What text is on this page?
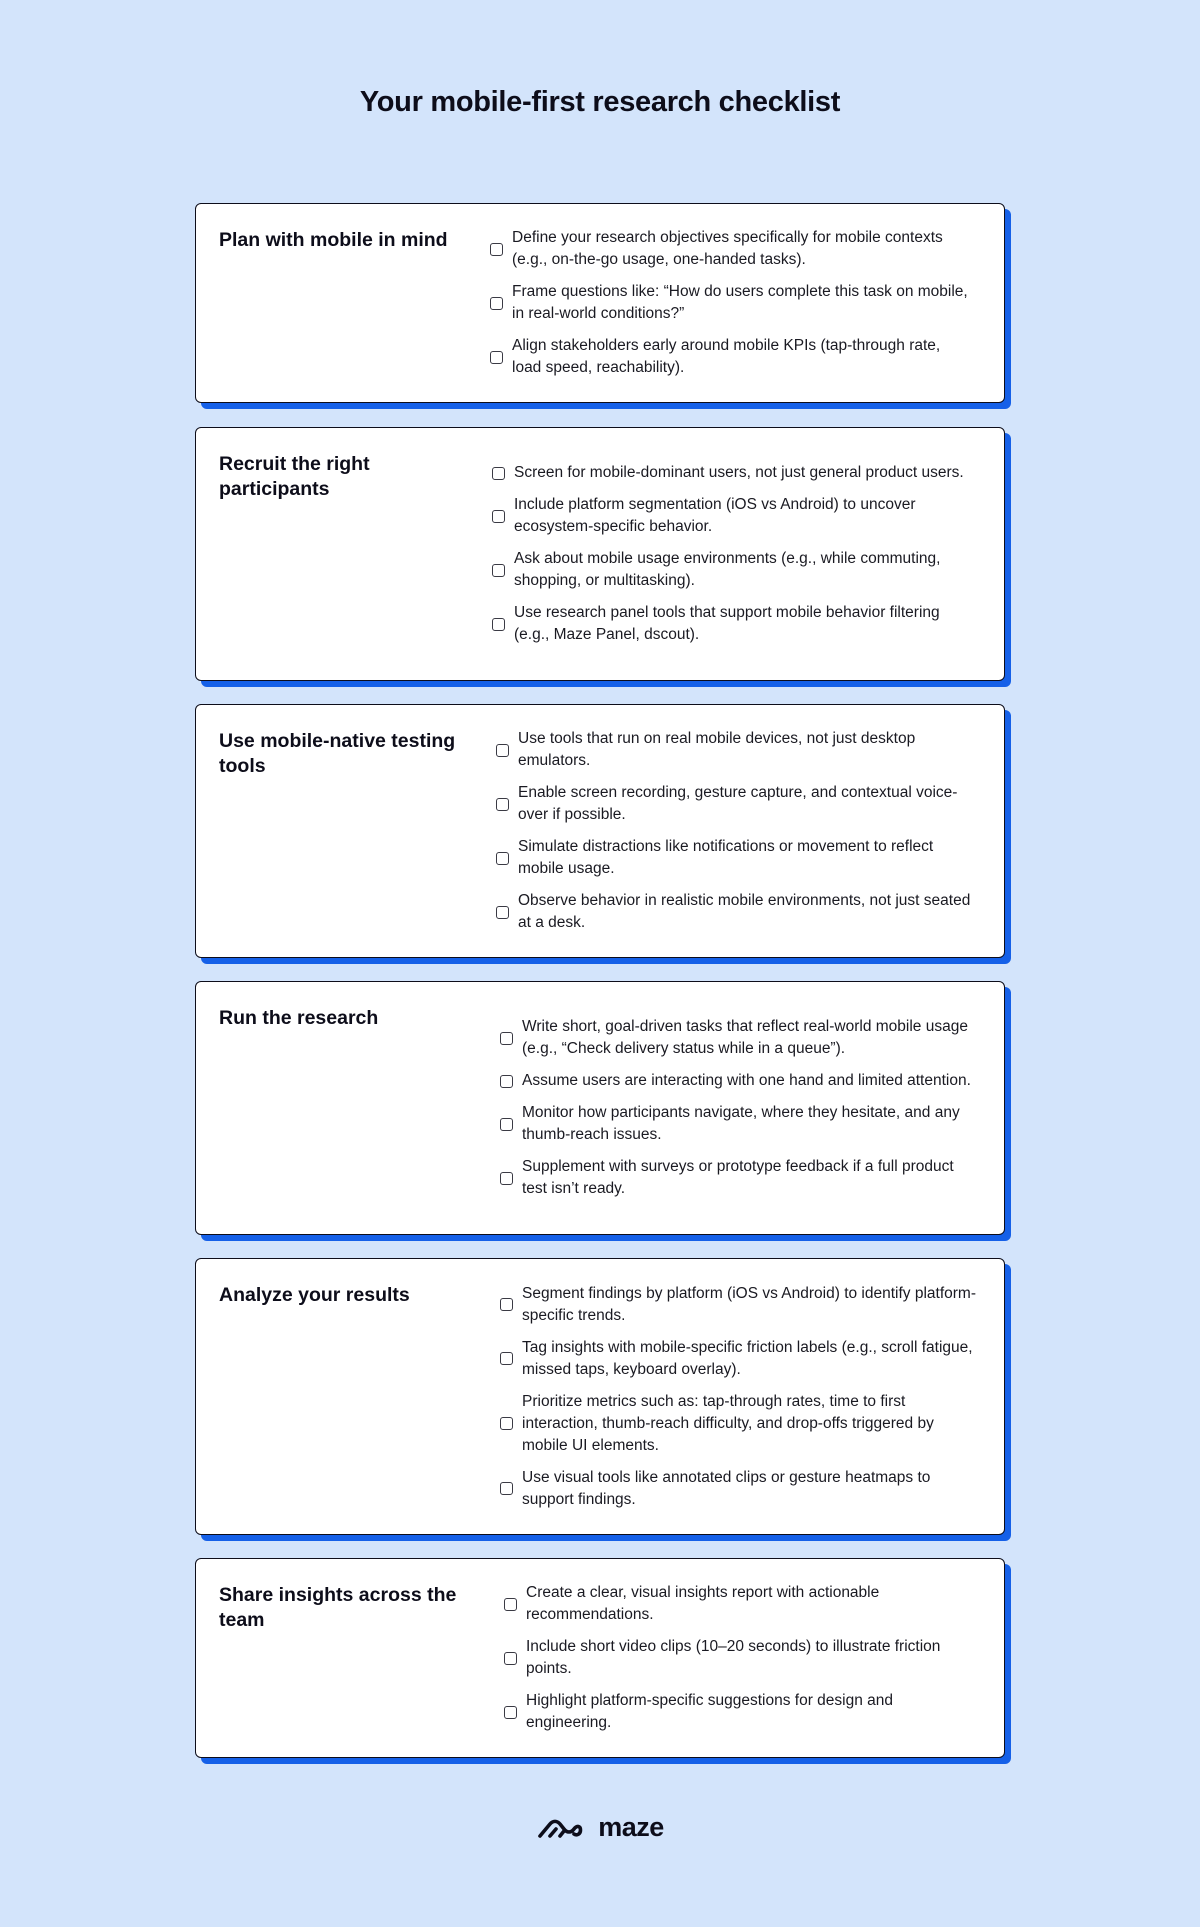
Your mobile-first research checklist
Plan with mobile in mind	Define your research objectives specifically for mobile contexts (e.g., on-the-go usage, one-handed tasks).
Frame questions like: “How do users complete this task on mobile, in real-world conditions?”
Align stakeholders early around mobile KPIs (tap-through rate, load speed, reachability).
Recruit the right participants
Screen for mobile-dominant users, not just general product users.
Include platform segmentation (iOS vs Android) to uncover ecosystem-specific behavior.
Ask about mobile usage environments (e.g., while commuting, shopping, or multitasking).
Use research panel tools that support mobile behavior filtering (e.g., Maze Panel, dscout).
Use mobile-native testing tools
Use tools that run on real mobile devices, not just desktop emulators.
Enable screen recording, gesture capture, and contextual voice-over if possible.
Simulate distractions like notifications or movement to reflect mobile usage.
Observe behavior in realistic mobile environments, not just seated at a desk.
Run the research	Write short, goal-driven tasks that reflect real-world mobile usage (e.g., “Check delivery status while in a queue”).
Assume users are interacting with one hand and limited attention.
Monitor how participants navigate, where they hesitate, and any thumb-reach issues.
Supplement with surveys or prototype feedback if a full product test isn’t ready.
Analyze your results	Segment findings by platform (iOS vs Android) to identify platform-specific trends.
Tag insights with mobile-specific friction labels (e.g., scroll fatigue, missed taps, keyboard overlay).
Prioritize metrics such as: tap-through rates, time to first interaction, thumb-reach difficulty, and drop-offs triggered by mobile UI elements.
Use visual tools like annotated clips or gesture heatmaps to support findings.
Share insights across the team
Create a clear, visual insights report with actionable recommendations.
Include short video clips (10–20 seconds) to illustrate friction points.
Highlight platform-specific suggestions for design and engineering.
maze
